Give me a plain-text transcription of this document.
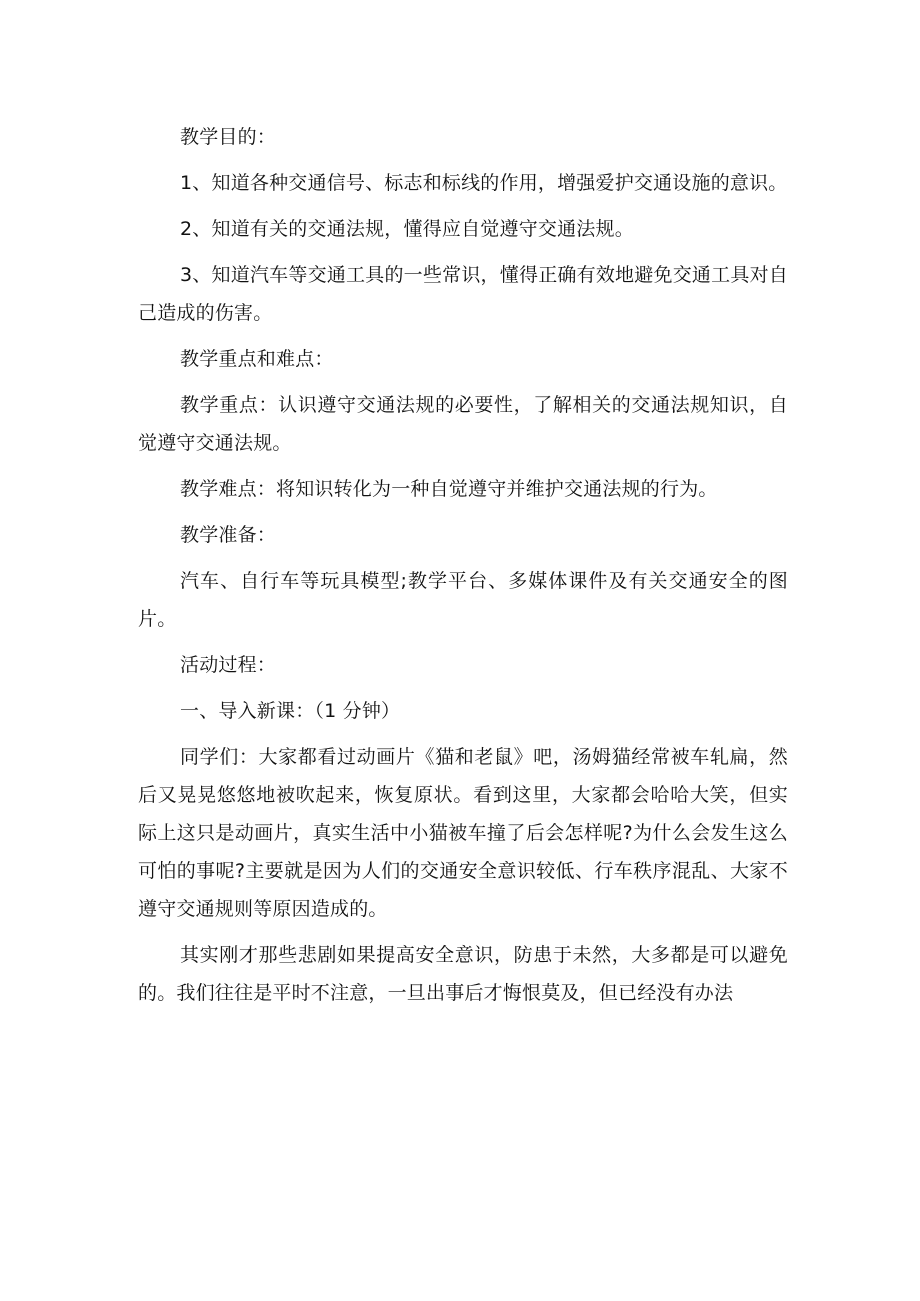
教学目的：

1、知道各种交通信号、标志和标线的作用，增强爱护交通设施的意识。

2、知道有关的交通法规，懂得应自觉遵守交通法规。

3、知道汽车等交通工具的一些常识，懂得正确有效地避免交通工具对自己造成的伤害。

教学重点和难点：

教学重点：认识遵守交通法规的必要性，了解相关的交通法规知识，自觉遵守交通法规。

教学难点：将知识转化为一种自觉遵守并维护交通法规的行为。

教学准备：

汽车、自行车等玩具模型;教学平台、多媒体课件及有关交通安全的图片。

活动过程：

一、导入新课：（1 分钟）

同学们：大家都看过动画片《猫和老鼠》吧，汤姆猫经常被车轧扁，然后又晃晃悠悠地被吹起来，恢复原状。看到这里，大家都会哈哈大笑，但实际上这只是动画片，真实生活中小猫被车撞了后会怎样呢?为什么会发生这么可怕的事呢?主要就是因为人们的交通安全意识较低、行车秩序混乱、大家不遵守交通规则等原因造成的。

其实刚才那些悲剧如果提高安全意识，防患于未然，大多都是可以避免的。我们往往是平时不注意，一旦出事后才悔恨莫及，但已经没有办法
